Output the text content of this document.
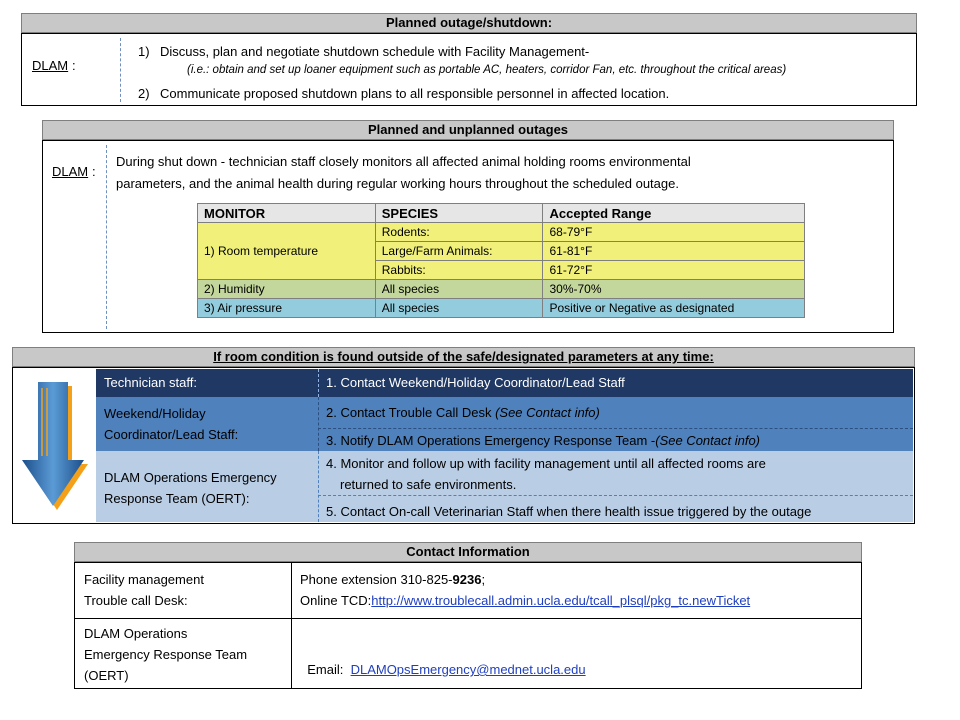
Planned outage/shutdown:
DLAM :
1) Discuss, plan and negotiate shutdown schedule with Facility Management-
(i.e.: obtain and set up loaner equipment such as portable AC, heaters, corridor Fan, etc. throughout the critical areas)
2) Communicate proposed shutdown plans to all responsible personnel in affected location.
Planned and unplanned outages
DLAM :
During shut down - technician staff closely monitors all affected animal holding rooms environmental
parameters, and the animal health during regular working hours throughout the scheduled outage.
MONITOR	SPECIES	Accepted Range
1) Room temperature	Rodents:	68-79°F
	Large/Farm Animals:	61-81°F
	Rabbits:	61-72°F
2) Humidity	All species	30%-70%
3) Air pressure	All species	Positive or Negative as designated
If room condition is found outside of the safe/designated parameters at any time:
Technician staff:	1. Contact Weekend/Holiday Coordinator/Lead Staff
Weekend/Holiday
Coordinator/Lead Staff:
2. Contact Trouble Call Desk (See Contact info)
3. Notify DLAM Operations Emergency Response Team -(See Contact info)
DLAM Operations Emergency
Response Team (OERT):
4. Monitor and follow up with facility management until all affected rooms are
returned to safe environments.
5. Contact On-call Veterinarian Staff when there health issue triggered by the outage
Contact Information
Facility management
Trouble call Desk:
Phone extension 310-825-9236;
Online TCD:http://www.troublecall.admin.ucla.edu/tcall_plsql/pkg_tc.newTicket
DLAM Operations
Emergency Response Team
(OERT)	Email:  DLAMOpsEmergency@mednet.ucla.edu
